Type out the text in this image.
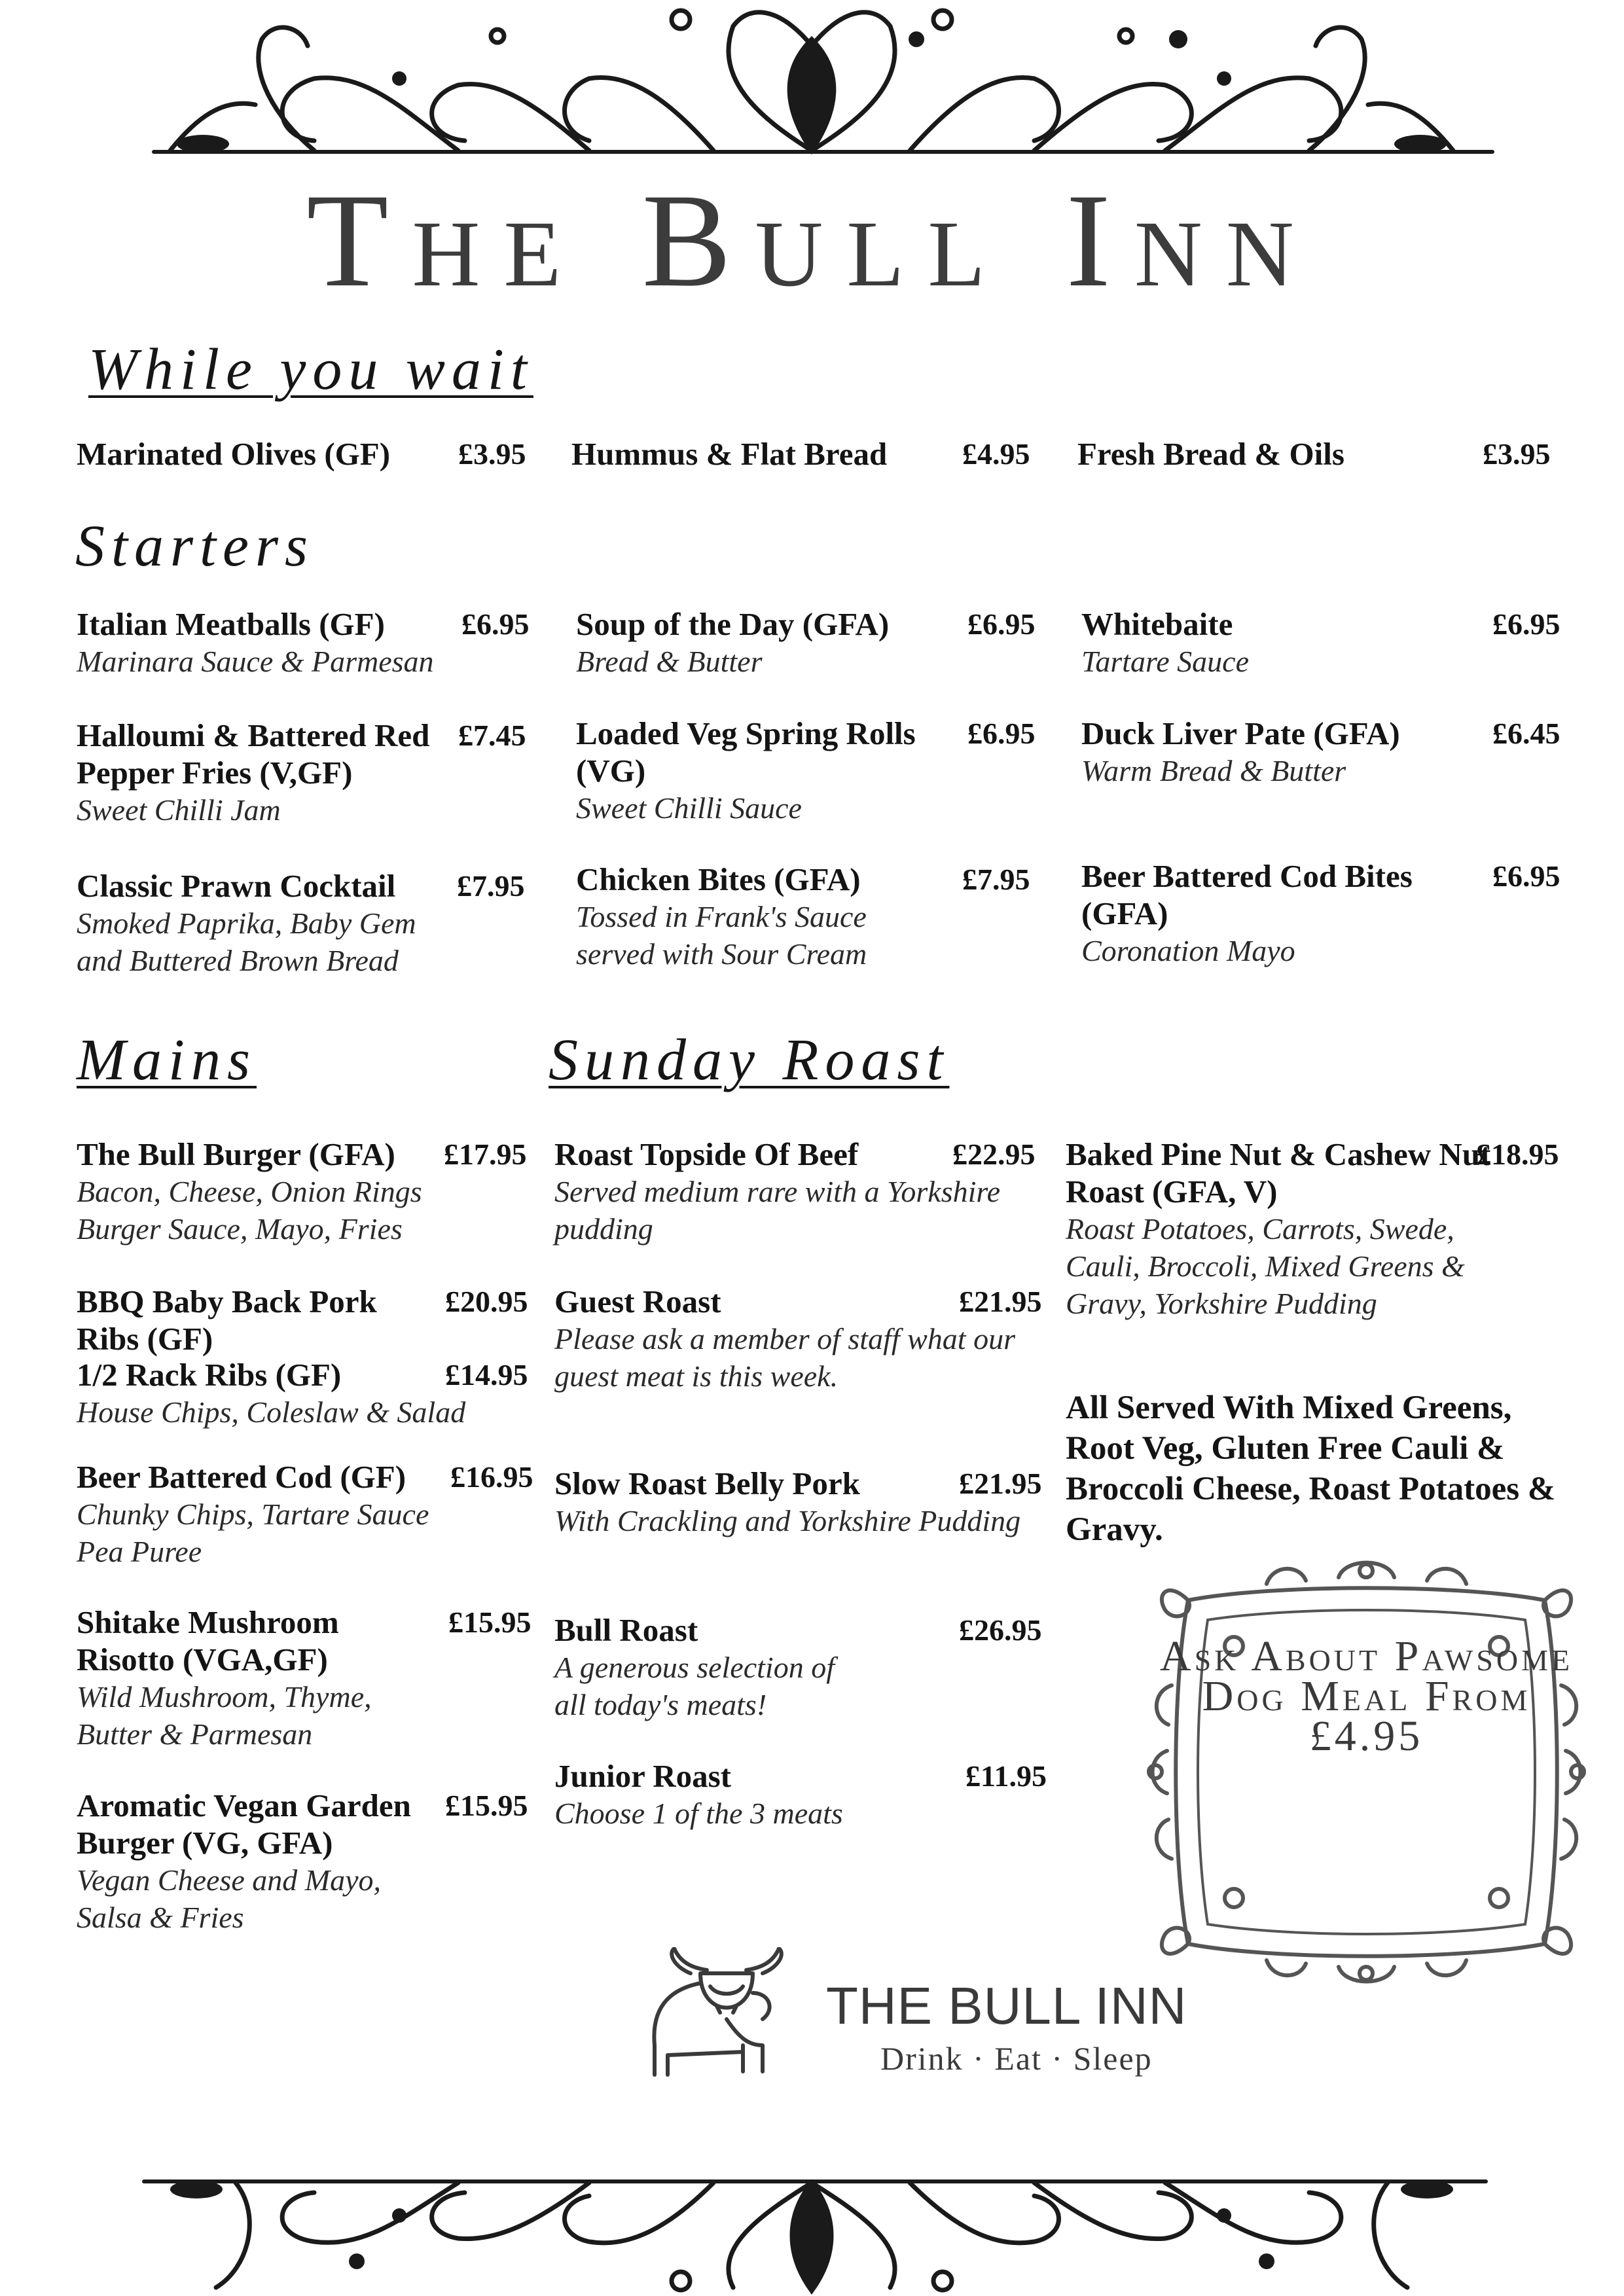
The Bull Inn
While you wait
Marinated Olives (GF) £3.95 Hummus & Flat Bread £4.95 Fresh Bread & Oils	£3.95
Starters
Italian Meatballs (GF)
Marinara Sauce & Parmesan
£6.95 Soup of the Day (GFA)
Bread & Butter
£6.95 Whitebaite
Tartare Sauce
£6.95
Halloumi & Battered Red Pepper Fries (V,GF)
Sweet Chilli Jam
£7.45 Loaded Veg Spring Rolls (VG)
Sweet Chilli Sauce
£6.95 Duck Liver Pate (GFA)
Warm Bread & Butter
£6.45
Classic Prawn Cocktail
Smoked Paprika, Baby Gem and Buttered Brown Bread
£7.95 Chicken Bites (GFA)
Tossed in Frank's Sauce served with Sour Cream
£7.95 Beer Battered Cod Bites (GFA)
Coronation Mayo
£6.95
Mains
The Bull Burger (GFA)
Bacon, Cheese, Onion Rings Burger Sauce, Mayo, Fries
£17.95
BBQ Baby Back Pork Ribs (GF)
£20.95
1/2 Rack Ribs (GF)
House Chips, Coleslaw & Salad
£14.95
Beer Battered Cod (GF)
Chunky Chips, Tartare Sauce Pea Puree
£16.95
Shitake Mushroom Risotto (VGA,GF)
Wild Mushroom, Thyme, Butter & Parmesan
£15.95
Aromatic Vegan Garden Burger (VG, GFA)
Vegan Cheese and Mayo, Salsa & Fries
£15.95
Sunday Roast
Roast Topside Of Beef
Served medium rare with a Yorkshire pudding
£22.95
Guest Roast
Please ask a member of staff what our guest meat is this week.
£21.95
Slow Roast Belly Pork
With Crackling and Yorkshire Pudding
£21.95
Bull Roast
A generous selection of all today's meats!
£26.95
Junior Roast
Choose 1 of the 3 meats
£11.95
Baked Pine Nut & Cashew Nut Roast (GFA, V)
Roast Potatoes, Carrots, Swede, Cauli, Broccoli, Mixed Greens & Gravy, Yorkshire Pudding
£18.95
All Served With Mixed Greens, Root Veg, Gluten Free Cauli & Broccoli Cheese, Roast Potatoes & Gravy.
Ask About Pawsome Dog Meal From £4.95
THE BULL INN
Drink · Eat · Sleep
